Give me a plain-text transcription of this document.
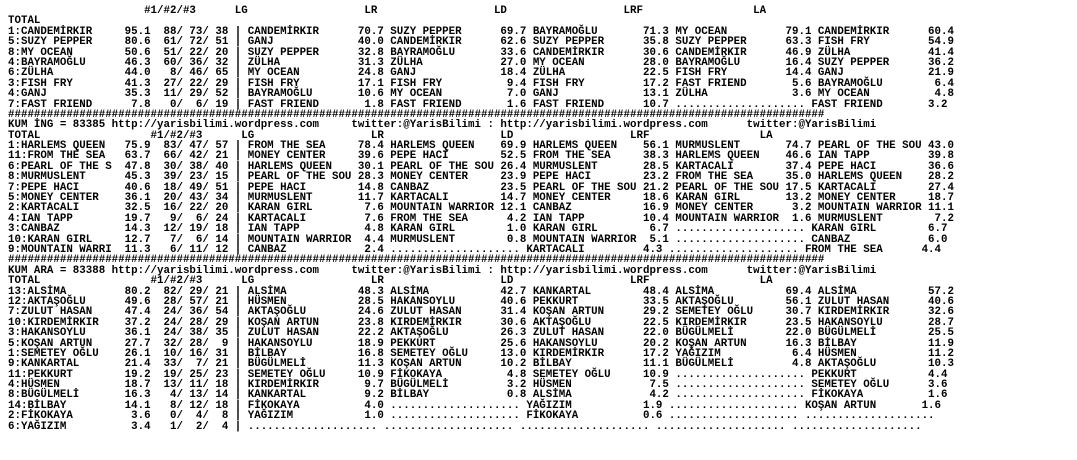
#1/#2/#3      LG                  LR                  LD                  LRF                 LA
TOTAL
1:CANDEMİRKIR     95.1  88/ 73/ 38 | CANDEMİRKIR      70.7 SUZY PEPPER      69.7 BAYRAMOĞLU       71.3 MY OCEAN         79.1 CANDEMİRKIR      60.4
5:SUZY PEPPER     80.6  61/ 72/ 51 | GANJ             40.0 CANDEMİRKIR      62.6 SUZY PEPPER      35.8 SUZY PEPPER      63.3 FISH FRY         54.9
8:MY OCEAN        50.6  51/ 22/ 20 | SUZY PEPPER      32.8 BAYRAMOĞLU       33.6 CANDEMİRKIR      30.6 CANDEMİRKIR      46.9 ZÜLHA            41.4
4:BAYRAMOĞLU      46.3  60/ 36/ 32 | ZÜLHA            31.3 ZÜLHA            27.0 MY OCEAN         28.0 BAYRAMOĞLU       16.4 SUZY PEPPER      36.2
6:ZÜLHA           44.0   8/ 46/ 65 | MY OCEAN         24.8 GANJ             18.4 ZÜLHA            22.5 FISH FRY         14.4 GANJ             21.9
3:FISH FRY        41.3  27/ 22/ 29 | FISH FRY         17.1 FISH FRY          9.4 FISH FRY         17.2 FAST FRIEND       5.6 BAYRAMOĞLU        6.4
4:GANJ            35.3  11/ 29/ 52 | BAYRAMOĞLU       10.6 MY OCEAN          7.0 GANJ             13.1 ZÜLHA             3.6 MY OCEAN          4.8
7:FAST FRIEND      7.8   0/  6/ 19 | FAST FRIEND       1.8 FAST FRIEND       1.6 FAST FRIEND      10.7 .................... FAST FRIEND       3.2
##############################################################################################################################
KUM İNG = 83385 http://yarisbilimi.wordpress.com     twitter:@YarisBilimi : http://yarisbilimi.wordpress.com      twitter:@YarisBilimi
TOTAL                 #1/#2/#3      LG                  LR                  LD                  LRF                 LA
1:HARLEMS QUEEN   75.9  83/ 47/ 57 | FROM THE SEA     78.4 HARLEMS QUEEN    69.9 HARLEMS QUEEN    56.1 MURMUSLENT       74.7 PEARL OF THE SOU 43.0
11:FROM THE SEA   63.7  66/ 42/ 21 | MONEY CENTER     39.6 PEPE HACI        52.5 FROM THE SEA     38.3 HARLEMS QUEEN    46.6 IAN TAPP         39.8
6:PEARL OF THE S  47.8  30/ 38/ 40 | HARLEMS QUEEN    30.1 PEARL OF THE SOU 26.4 MURMUSLENT       28.5 KARTACALI        37.4 PEPE HACI        36.6
8:MURMUSLENT      45.3  39/ 23/ 15 | PEARL OF THE SOU 28.3 MONEY CENTER     23.9 PEPE HACI        23.2 FROM THE SEA     35.0 HARLEMS QUEEN    28.2
7:PEPE HACI       40.6  18/ 49/ 51 | PEPE HACI        14.8 CANBAZ           23.5 PEARL OF THE SOU 21.2 PEARL OF THE SOU 17.5 KARTACALI        27.4
5:MONEY CENTER    36.1  20/ 43/ 34 | MURMUSLENT       11.7 KARTACALI        14.7 MONEY CENTER     18.6 KARAN GIRL       13.2 MONEY CENTER     18.7
2:KARTACALI       32.5  16/ 22/ 20 | KARAN GIRL        7.6 MOUNTAIN WARRIOR 12.1 CANBAZ           16.9 MONEY CENTER      3.2 MOUNTAIN WARRIOR 11.1
4:IAN TAPP        19.7   9/  6/ 24 | KARTACALI         7.6 FROM THE SEA      4.2 IAN TAPP         10.4 MOUNTAIN WARRIOR  1.6 MURMUSLENT        7.2
3:CANBAZ          14.3  12/ 19/ 18 | IAN TAPP          4.8 KARAN GIRL        1.0 KARAN GIRL        6.7 .................... KARAN GIRL        6.7
10:KARAN GIRL     12.7   7/  6/ 14 | MOUNTAIN WARRIOR  4.4 MURMUSLENT        0.8 MOUNTAIN WARRIOR  5.1 .................... CANBAZ            6.0
9:MOUNTAIN WARRI  11.3   6/ 11/ 12 | CANBAZ            2.4 .................... KARTACALI         4.3 .................... FROM THE SEA      4.4
##############################################################################################################################
KUM ARA = 83388 http://yarisbilimi.wordpress.com     twitter:@YarisBilimi : http://yarisbilimi.wordpress.com      twitter:@YarisBilimi
TOTAL                 #1/#2/#3      LG                  LR                  LD                  LRF                 LA
13:ALSİMA         80.2  82/ 29/ 21 | ALSİMA           48.3 ALSİMA           42.7 KANKARTAL        48.4 ALSİMA           69.4 ALSİMA           57.2
12:AKTAŞOĞLU      49.6  28/ 57/ 21 | HÜSMEN           28.5 HAKANSOYLU       40.6 PEKKURT          33.5 AKTAŞOĞLU        56.1 ZULUT HASAN      40.6
7:ZULUT HASAN     47.4  24/ 36/ 54 | AKTAŞOĞLU        24.6 ZULUT HASAN      31.4 KOŞAN ARTUN      29.2 SEMETEY OĞLU     30.7 KIRDEMİRKIR      32.6
10:KIRDEMİRKIR    37.2  24/ 28/ 29 | KOŞAN ARTUN      23.8 KIRDEMİRKIR      30.6 AKTAŞOĞLU        22.5 KIRDEMİRKIR      23.5 HAKANSOYLU       28.7
3:HAKANSOYLU      36.1  24/ 38/ 35 | ZULUT HASAN      22.2 AKTAŞOĞLU        26.3 ZULUT HASAN      22.0 BÜGÜLMELİ        22.0 BÜGÜLMELİ        25.5
5:KOŞAN ARTUN     27.7  32/ 28/  9 | HAKANSOYLU       18.9 PEKKURT          25.6 HAKANSOYLU       20.2 KOŞAN ARTUN      16.3 BİLBAY           11.9
1:SEMETEY OĞLU    26.1  10/ 16/ 31 | BİLBAY           16.8 SEMETEY OĞLU     13.0 KIRDEMİRKIR      17.2 YAĞIZIM           6.4 HÜSMEN           11.2
9:KANKARTAL       21.4  33/  7/ 21 | BÜGÜLMELİ        11.3 KOŞAN ARTUN      10.2 BİLBAY           11.1 BÜGÜLMELİ         4.8 AKTAŞOĞLU        10.3
11:PEKKURT        19.2  19/ 25/ 23 | SEMETEY OĞLU     10.9 FİKOKAYA          4.8 SEMETEY OĞLU     10.9 .................... PEKKURT           4.4
4:HÜSMEN          18.7  13/ 11/ 18 | KIRDEMİRKIR       9.7 BÜGÜLMELİ         3.2 HÜSMEN            7.5 .................... SEMETEY OĞLU      3.6
8:BÜGÜLMELİ       16.3   4/ 13/ 14 | KANKARTAL         9.2 BİLBAY            0.8 ALSİMA            4.2 .................... FİKOKAYA          1.6
14:BİLBAY         14.1   8/ 12/ 18 | FİKOKAYA          4.0 .................... YAĞIZIM           1.9 .................... KOŞAN ARTUN       1.6
2:FİKOKAYA         3.6   0/  4/  8 | YAĞIZIM           1.0 .................... FİKOKAYA          0.6 .................... ....................
6:YAĞIZIM          3.4   1/  2/  4 | .................... .................... .................... .................... ....................
